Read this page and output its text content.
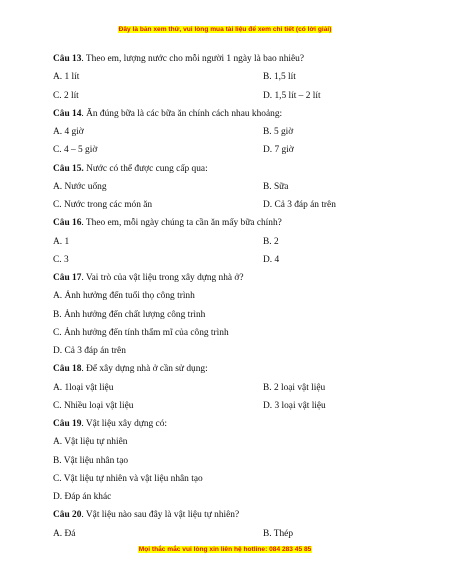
Đây là bản xem thử, vui lòng mua tài liệu để xem chi tiết (có lời giải)
Câu 13. Theo em, lượng nước cho mỗi người 1 ngày là bao nhiêu?
A. 1 lít	B. 1,5 lít
C. 2 lít	D. 1,5 lít – 2 lít
Câu 14. Ăn đúng bữa là các bữa ăn chính cách nhau khoảng:
A. 4 giờ	B. 5 giờ
C. 4 – 5 giờ	D. 7 giờ
Câu 15. Nước có thể được cung cấp qua:
A. Nước uống	B. Sữa
C. Nước trong các món ăn	D. Cả 3 đáp án trên
Câu 16. Theo em, mỗi ngày chúng ta cần ăn mấy bữa chính?
A. 1	B. 2
C. 3	D. 4
Câu 17. Vai trò của vật liệu trong xây dựng nhà ở?
A. Ảnh hưởng đến tuổi thọ công trình
B. Ảnh hưởng đến chất lượng công trình
C. Ảnh hưởng đến tính thẩm mĩ của công trình
D. Cả 3 đáp án trên
Câu 18. Để xây dựng nhà ở cần sử dụng:
A. 1loại vật liệu	B. 2 loại vật liệu
C. Nhiều loại vật liệu	D. 3 loại vật liệu
Câu 19. Vật liệu xây dựng có:
A. Vật liệu tự nhiên
B. Vật liệu nhân tạo
C. Vật liệu tự nhiên và vật liệu nhân tạo
D. Đáp án khác
Câu 20. Vật liệu nào sau đây là vật liệu tự nhiên?
A. Đá	B. Thép
Mọi thắc mắc vui lòng xin liên hệ hotline: 084 283 45 85
